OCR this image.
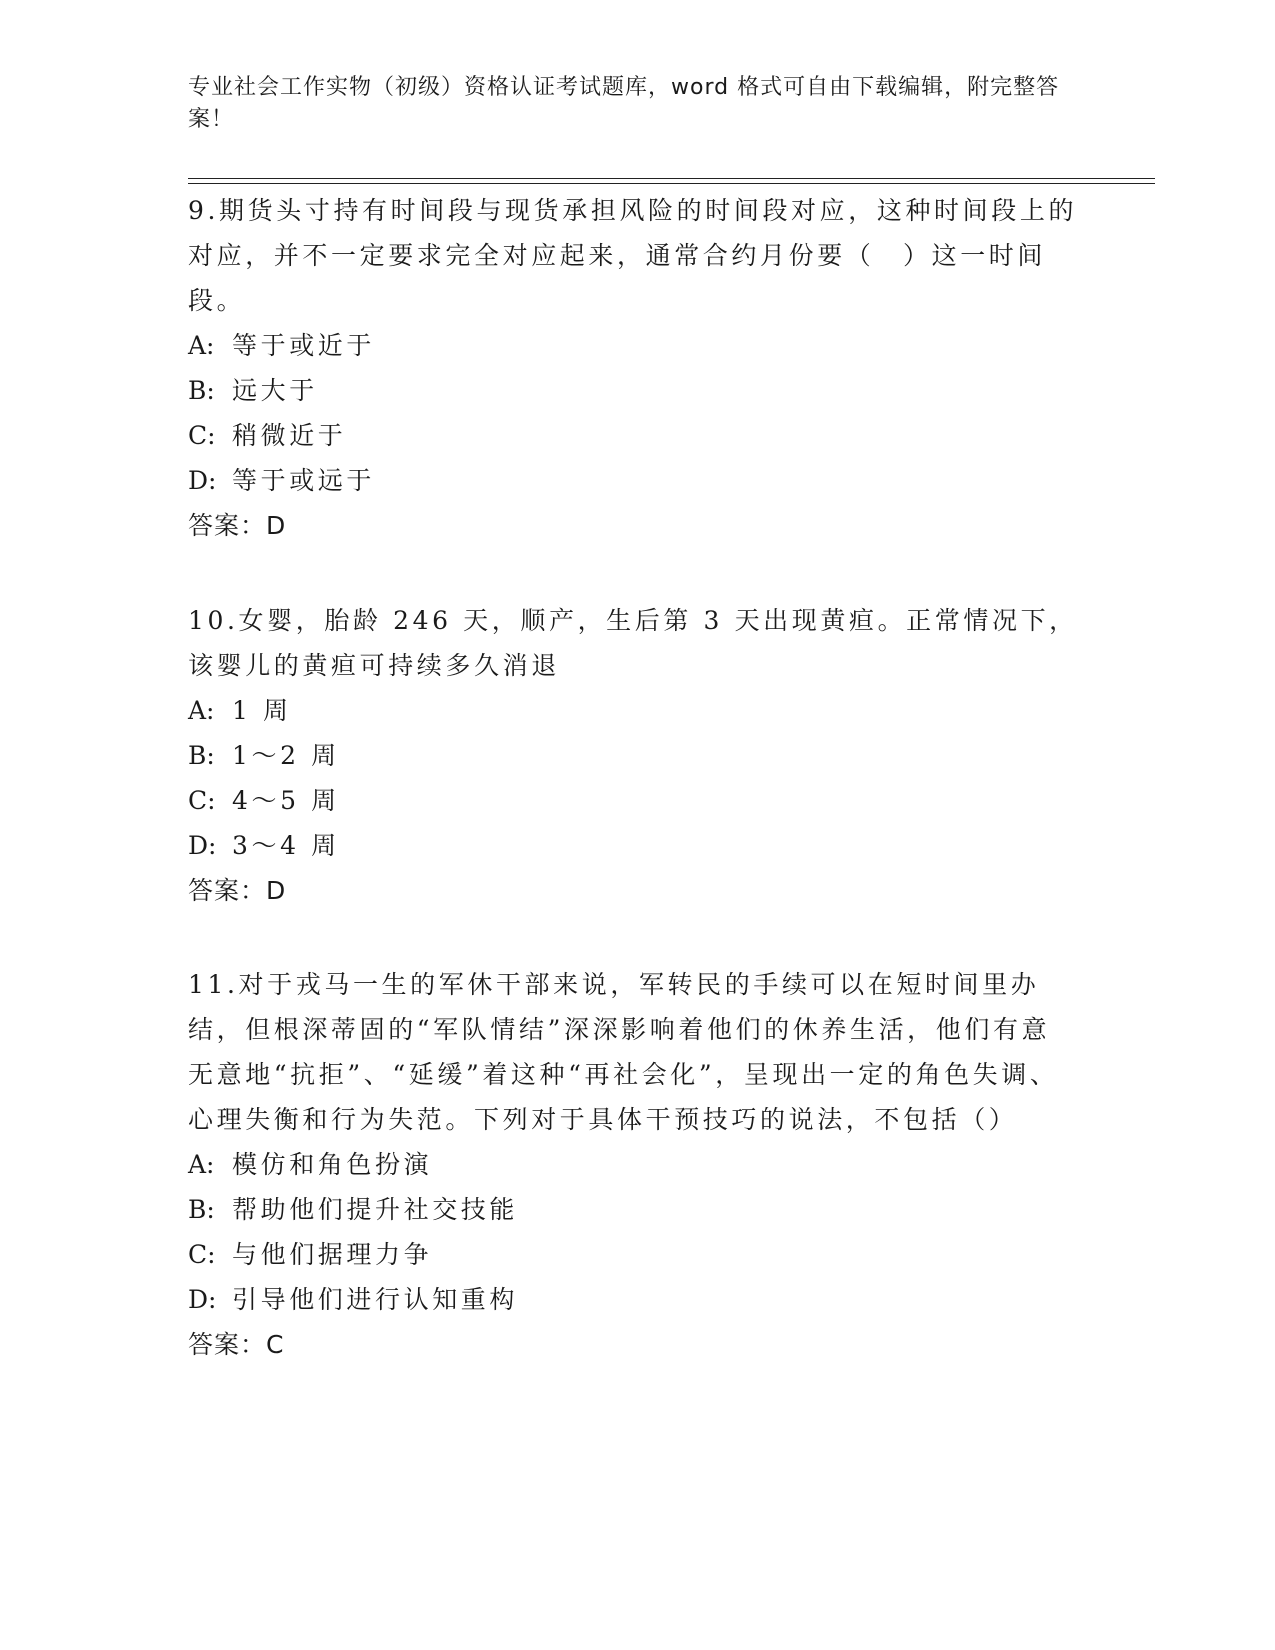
专业社会工作实物（初级）资格认证考试题库，word 格式可自由下载编辑，附完整答案！

9.期货头寸持有时间段与现货承担风险的时间段对应，这种时间段上的对应，并不一定要求完全对应起来，通常合约月份要（　）这一时间段。

A: 等于或近于

B: 远大于

C: 稍微近于

D: 等于或远于

答案：D

10.女婴，胎龄 246 天，顺产，生后第 3 天出现黄疸。正常情况下，该婴儿的黄疸可持续多久消退

A: 1 周

B: 1～2 周

C: 4～5 周

D: 3～4 周

答案：D

11.对于戎马一生的军休干部来说，军转民的手续可以在短时间里办结，但根深蒂固的“军队情结”深深影响着他们的休养生活，他们有意无意地“抗拒”、“延缓”着这种“再社会化”，呈现出一定的角色失调、心理失衡和行为失范。下列对于具体干预技巧的说法，不包括（）

A: 模仿和角色扮演

B: 帮助他们提升社交技能

C: 与他们据理力争

D: 引导他们进行认知重构

答案：C
